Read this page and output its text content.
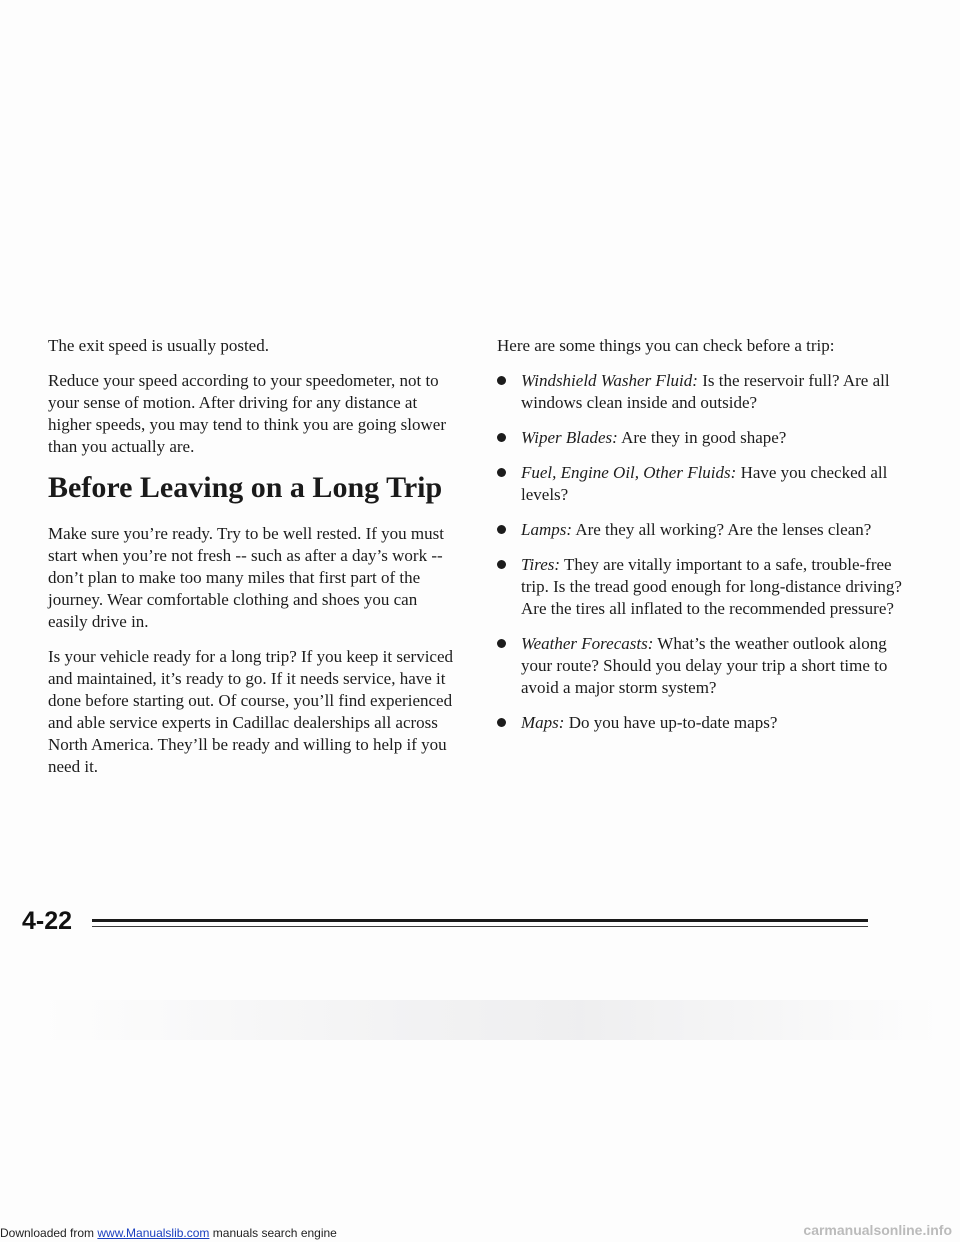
The exit speed is usually posted.

Reduce your speed according to your speedometer, not to your sense of motion. After driving for any distance at higher speeds, you may tend to think you are going slower than you actually are.

Before Leaving on a Long Trip

Make sure you’re ready. Try to be well rested. If you must start when you’re not fresh -- such as after a day’s work -- don’t plan to make too many miles that first part of the journey. Wear comfortable clothing and shoes you can easily drive in.

Is your vehicle ready for a long trip? If you keep it serviced and maintained, it’s ready to go. If it needs service, have it done before starting out. Of course, you’ll find experienced and able service experts in Cadillac dealerships all across North America. They’ll be ready and willing to help if you need it.

Here are some things you can check before a trip:

Windshield Washer Fluid: Is the reservoir full? Are all windows clean inside and outside?
Wiper Blades: Are they in good shape?
Fuel, Engine Oil, Other Fluids: Have you checked all levels?
Lamps: Are they all working? Are the lenses clean?
Tires: They are vitally important to a safe, trouble-free trip. Is the tread good enough for long-distance driving? Are the tires all inflated to the recommended pressure?
Weather Forecasts: What’s the weather outlook along your route? Should you delay your trip a short time to avoid a major storm system?
Maps: Do you have up-to-date maps?
4-22
Downloaded from www.Manualslib.com manuals search engine	carmanualsonline.info
